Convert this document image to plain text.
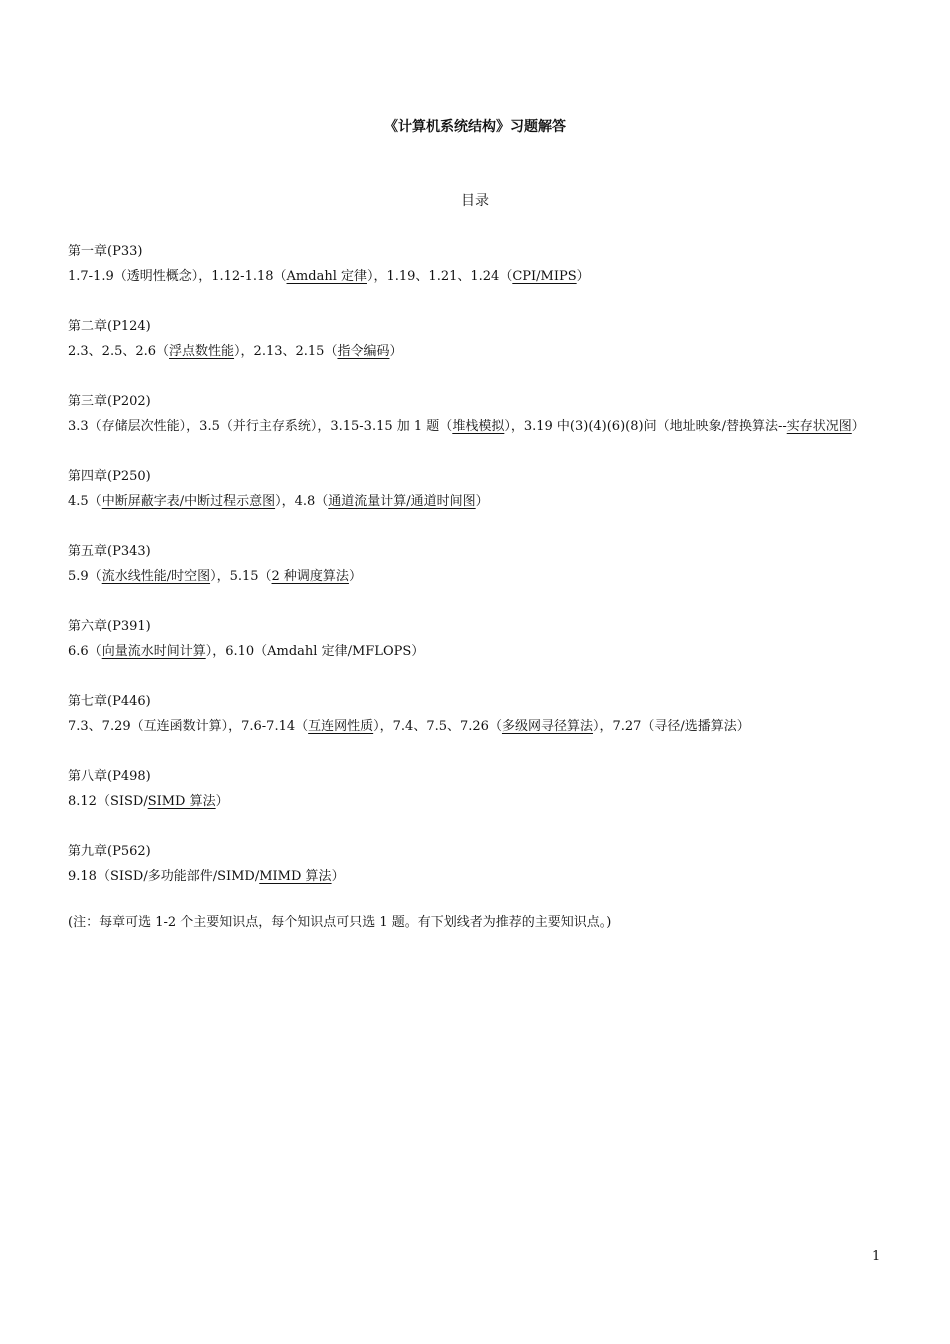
《计算机系统结构》习题解答
目录
第一章(P33)
1.7-1.9（透明性概念），1.12-1.18（Amdahl 定律），1.19、1.21、1.24（CPI/MIPS）
第二章(P124)
2.3、2.5、2.6（浮点数性能），2.13、2.15（指令编码）
第三章(P202)
3.3（存储层次性能），3.5（并行主存系统），3.15-3.15 加 1 题（堆栈模拟），3.19 中(3)(4)(6)(8)问（地址映象/替换算法--实存状况图）
第四章(P250)
4.5（中断屏蔽字表/中断过程示意图），4.8（通道流量计算/通道时间图）
第五章(P343)
5.9（流水线性能/时空图），5.15（2 种调度算法）
第六章(P391)
6.6（向量流水时间计算），6.10（Amdahl 定律/MFLOPS）
第七章(P446)
7.3、7.29（互连函数计算），7.6-7.14（互连网性质），7.4、7.5、7.26（多级网寻径算法），7.27（寻径/选播算法）
第八章(P498)
8.12（SISD/SIMD 算法）
第九章(P562)
9.18（SISD/多功能部件/SIMD/MIMD 算法）
(注：每章可选 1-2 个主要知识点，每个知识点可只选 1 题。有下划线者为推荐的主要知识点。)
1
